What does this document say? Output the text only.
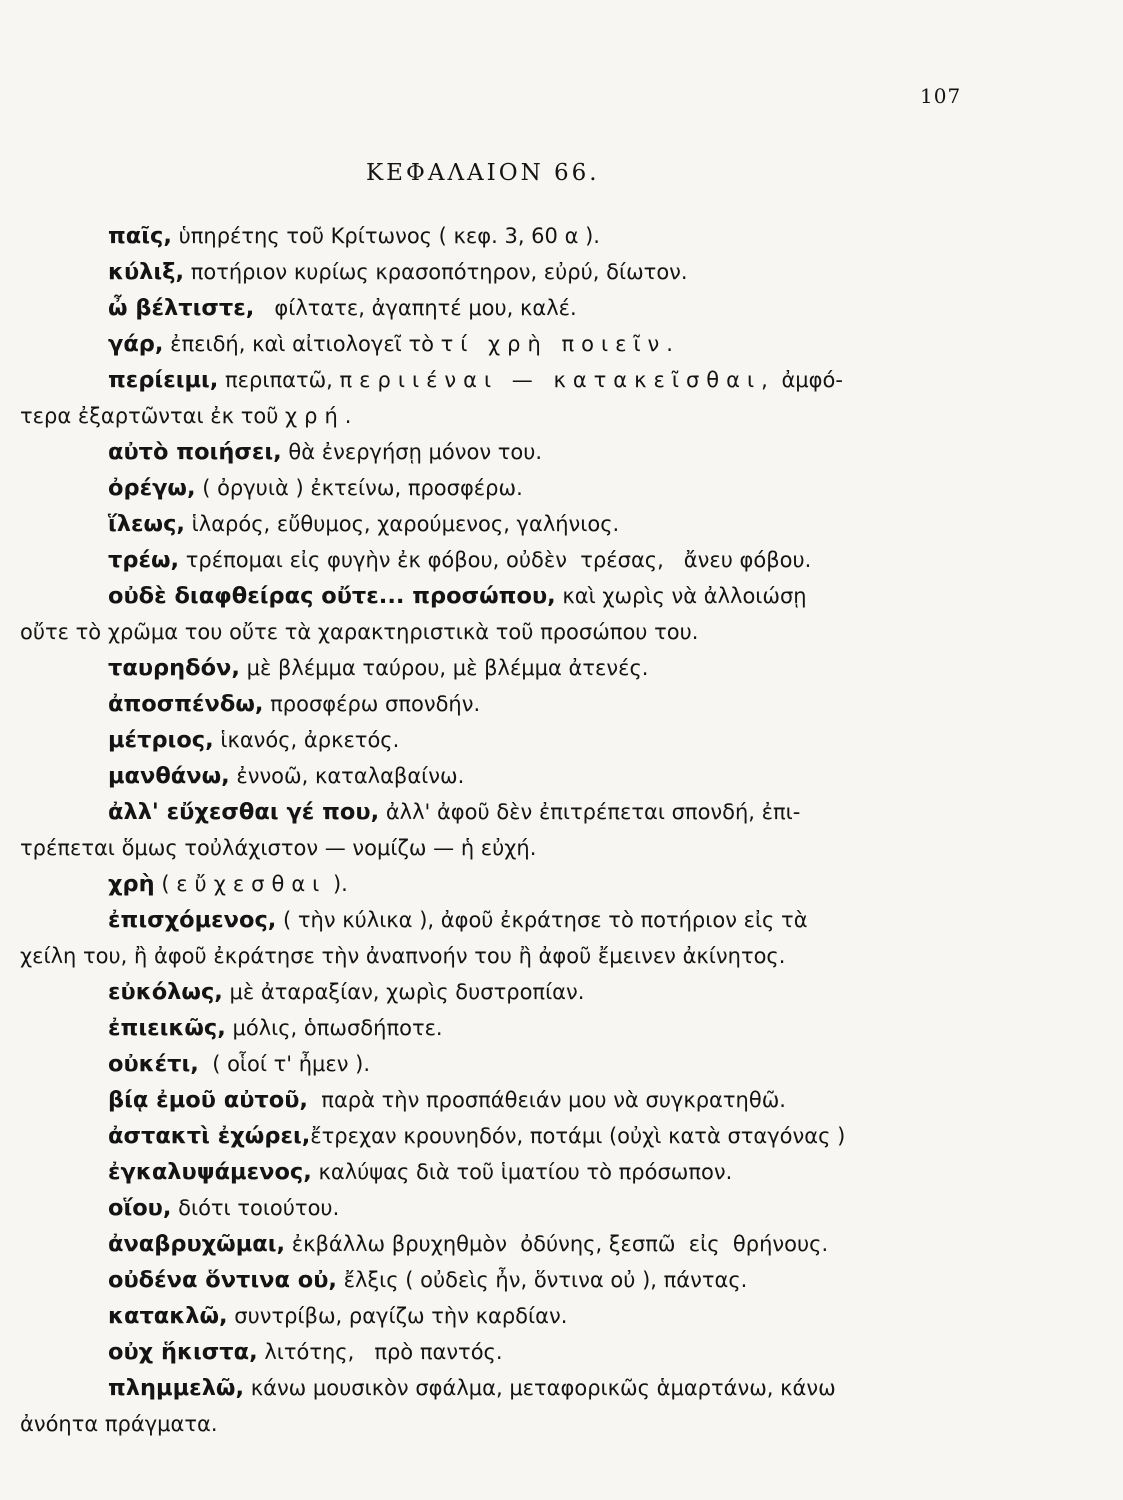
107
ΚΕΦΑΛΑΙΟΝ 66.
παῖς, ὑπηρέτης τοῦ Κρίτωνος ( κεφ. 3, 60 α ).
κύλιξ, ποτήριον κυρίως κρασοπότηρον, εὐρύ, δίωτον.
ὦ βέλτιστε,   φίλτατε, ἀγαπητέ μου, καλέ.
γάρ, ἐπειδή, καὶ αἰτιολογεῖ τὸ τί χρὴ ποιεῖν.
περίειμι, περιπατῶ, περιιέναι — κατακεῖσθαι, ἀμφό-
τερα ἐξαρτῶνται ἐκ τοῦ χρή.
αὐτὸ ποιήσει, θὰ ἐνεργήσῃ μόνον του.
ὀρέγω, ( ὀργυιὰ ) ἐκτείνω, προσφέρω.
ἵλεως, ἱλαρός, εὔθυμος, χαρούμενος, γαλήνιος.
τρέω, τρέπομαι εἰς φυγὴν ἐκ φόβου, οὐδὲν  τρέσας,   ἄνευ φόβου.
οὐδὲ διαφθείρας οὔτε... προσώπου, καὶ χωρὶς νὰ ἀλλοιώσῃ
οὔτε τὸ χρῶμα του οὔτε τὰ χαρακτηριστικὰ τοῦ προσώπου του.
ταυρηδόν, μὲ βλέμμα ταύρου, μὲ βλέμμα ἀτενές.
ἀποσπένδω, προσφέρω σπονδήν.
μέτριος, ἱκανός, ἀρκετός.
μανθάνω, ἐννοῶ, καταλαβαίνω.
ἀλλ' εὔχεσθαι γέ που, ἀλλ' ἀφοῦ δὲν ἐπιτρέπεται σπονδή, ἐπι-
τρέπεται ὅμως τοὐλάχιστον — νομίζω — ἡ εὐχή.
χρὴ ( εὔχεσθαι ).
ἐπισχόμενος, ( τὴν κύλικα ), ἀφοῦ ἐκράτησε τὸ ποτήριον εἰς τὰ
χείλη του, ἢ ἀφοῦ ἐκράτησε τὴν ἀναπνοήν του ἢ ἀφοῦ ἔμεινεν ἀκίνητος.
εὐκόλως, μὲ ἀταραξίαν, χωρὶς δυστροπίαν.
ἐπιεικῶς, μόλις, ὁπωσδήποτε.
οὐκέτι,  ( οἷοί τ' ἦμεν ).
βίᾳ ἐμοῦ αὐτοῦ,  παρὰ τὴν προσπάθειάν μου νὰ συγκρατηθῶ.
ἀστακτὶ ἐχώρει,ἔτρεχαν κρουνηδόν, ποτάμι (οὐχὶ κατὰ σταγόνας )
ἐγκαλυψάμενος, καλύψας διὰ τοῦ ἱματίου τὸ πρόσωπον.
οἵου, διότι τοιούτου.
ἀναβρυχῶμαι, ἐκβάλλω βρυχηθμὸν  ὀδύνης, ξεσπῶ  εἰς  θρήνους.
οὐδένα ὅντινα οὐ, ἔλξις ( οὐδεὶς ἦν, ὅντινα οὐ ), πάντας.
κατακλῶ, συντρίβω, ραγίζω τὴν καρδίαν.
οὐχ ἥκιστα, λιτότης,   πρὸ παντός.
πλημμελῶ, κάνω μουσικὸν σφάλμα, μεταφορικῶς ἁμαρτάνω, κάνω
ἀνόητα πράγματα.
